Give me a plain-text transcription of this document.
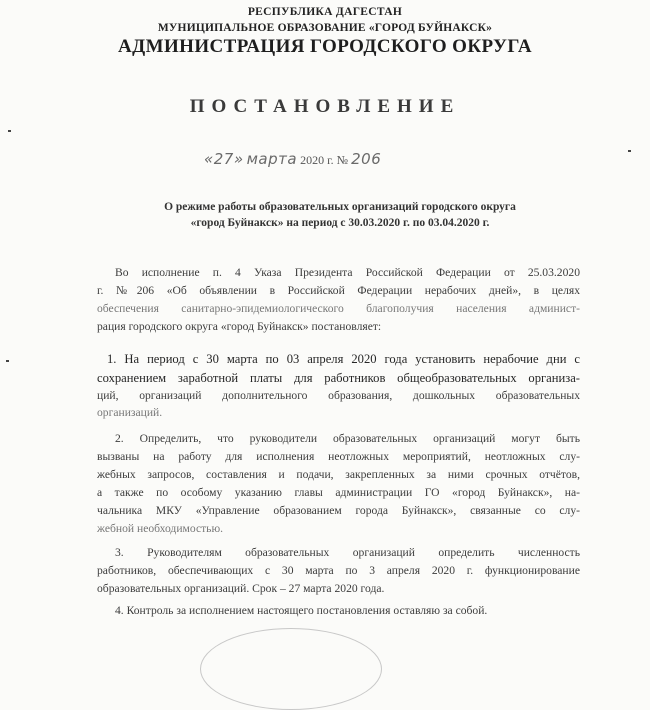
РЕСПУБЛИКА ДАГЕСТАН
МУНИЦИПАЛЬНОЕ ОБРАЗОВАНИЕ «ГОРОД БУЙНАКСК»
АДМИНИСТРАЦИЯ ГОРОДСКОГО ОКРУГА
ПОСТАНОВЛЕНИЕ
«27» марта 2020 г. № 206
О режиме работы образовательных организаций городского округа
«город Буйнакск» на период с 30.03.2020 г. по 03.04.2020 г.
Во исполнение п. 4 Указа Президента Российской Федерации от 25.03.2020
г. №206 «Об объявлении в Российской Федерации нерабочих дней», в целях
обеспечения санитарно-эпидемиологического благополучия населения админист-
рация городского округа «город Буйнакск» постановляет:
1. На период с 30 марта по 03 апреля 2020 года установить нерабочие дни с
сохранением заработной платы для работников общеобразовательных организа-
ций, организаций дополнительного образования, дошкольных образовательных
организаций.
2. Определить, что руководители образовательных организаций могут быть
вызваны на работу для исполнения неотложных мероприятий, неотложных слу-
жебных запросов, составления и подачи, закрепленных за ними срочных отчётов,
а также по особому указанию главы администрации ГО «город Буйнакск», на-
чальника МКУ «Управление образованием города Буйнакск», связанные со слу-
жебной необходимостью.
3. Руководителям образовательных организаций определить численность
работников, обеспечивающих с 30 марта по 3 апреля 2020 г. функционирование
образовательных организаций. Срок – 27 марта 2020 года.
4. Контроль за исполнением настоящего постановления оставляю за собой.
